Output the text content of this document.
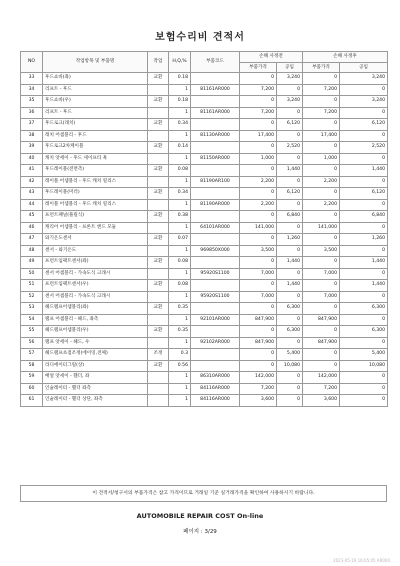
보험수리비 견적서
NO	작업항목 및 부품명	작업	H,Q,%	부품코드	손해 사정전		손해 사정후	
					부품가격	공임	부품가격	공임
33	후드쇼바(좌)	교환	0.18		0	3,240	0	3,240
34	리프트 - 후드		1	81161AR000	7,200	0	7,200	0
35	후드쇼바(우)	교환	0.18		0	3,240	0	3,240
36	리프트 - 후드		1	81161AR000	7,200	0	7,200	0
37	후드로크(래치)	교환	0.34		0	6,120	0	6,120
38	래치 어셈블리 - 후드		1	81130AR000	17,400	0	17,400	0
39	후드로크2차케이블	교환	0.14		0	2,520	0	2,520
40	캐치 앗세이 - 후드 세이프티 훅		1	81150AR000	1,000	0	1,000	0
41	후드레이블(전면측)	교환	0.08		0	1,440	0	1,440
42	레이블 어셈블리 - 후드 캐치 릴리스		1	81190AR100	2,200	0	2,200	0
43	후드레이블(미러)	교환	0.34		0	6,120	0	6,120
44	레이블 어셈블리 - 후드 캐치 릴리스		1	81190AR000	2,200	0	2,200	0
45	프런트패널(풀릴식)	교환	0.38		0	6,840	0	6,840
46	캐리어 어셈블리 - 프론트 엔드 모듈		1	64101AR000	141,000	0	141,000	0
47	와기온도센서	교환	0.07		0	1,260	0	1,260
48	센서 - 와기온도		1	969850X000	3,500	0	3,500	0
49	프런트임팩트센서(좌)	교환	0.08		0	1,440	0	1,440
50	센서 어셈블리 - 가속도식 크래시		1	95920S1100	7,000	0	7,000	0
51	프런트임팩트센서(우)	교환	0.08		0	1,440	0	1,440
52	센서 어셈블리 - 가속도식 크래시		1	95920S1100	7,000	0	7,000	0
53	헤드램프어셈블리(좌)	교환	0.35		0	6,300	0	6,300
54	램프 어셈블리 - 헤드, 좌측		1	92101AR000	847,900	0	847,900	0
55	헤드램프어셈블리(우)	교환	0.35		0	6,300	0	6,300
56	램프 앗세이 - 헤드, 우		1	92102AR000	847,900	0	847,900	0
57	헤드램프초점조정(에이밍,전체)	조정	0.3		0	5,400	0	5,400
58	라디에이터그릴(상)	교환	0.56		0	10,080	0	10,080
59	배얼 앗세이 - 휀더, 좌		1	86310AR000	142,000	0	142,000	0
60	인슐레이터 - 휀더 좌측		1	84116AR000	7,200	0	7,200	0
61	인슐레이터 - 휀더 상단, 좌측		1	84116AR000	3,600	0	3,600	0
이 견적서/청구서의 부품가격은 참고 가격이므로 거래일 기준 실거래가격을 확인하여 사용하시기 바랍니다.
AUTOMOBILE REPAIR COST On-line
페이지 : 3/29
2023-05-19 16:05:05 AR000
